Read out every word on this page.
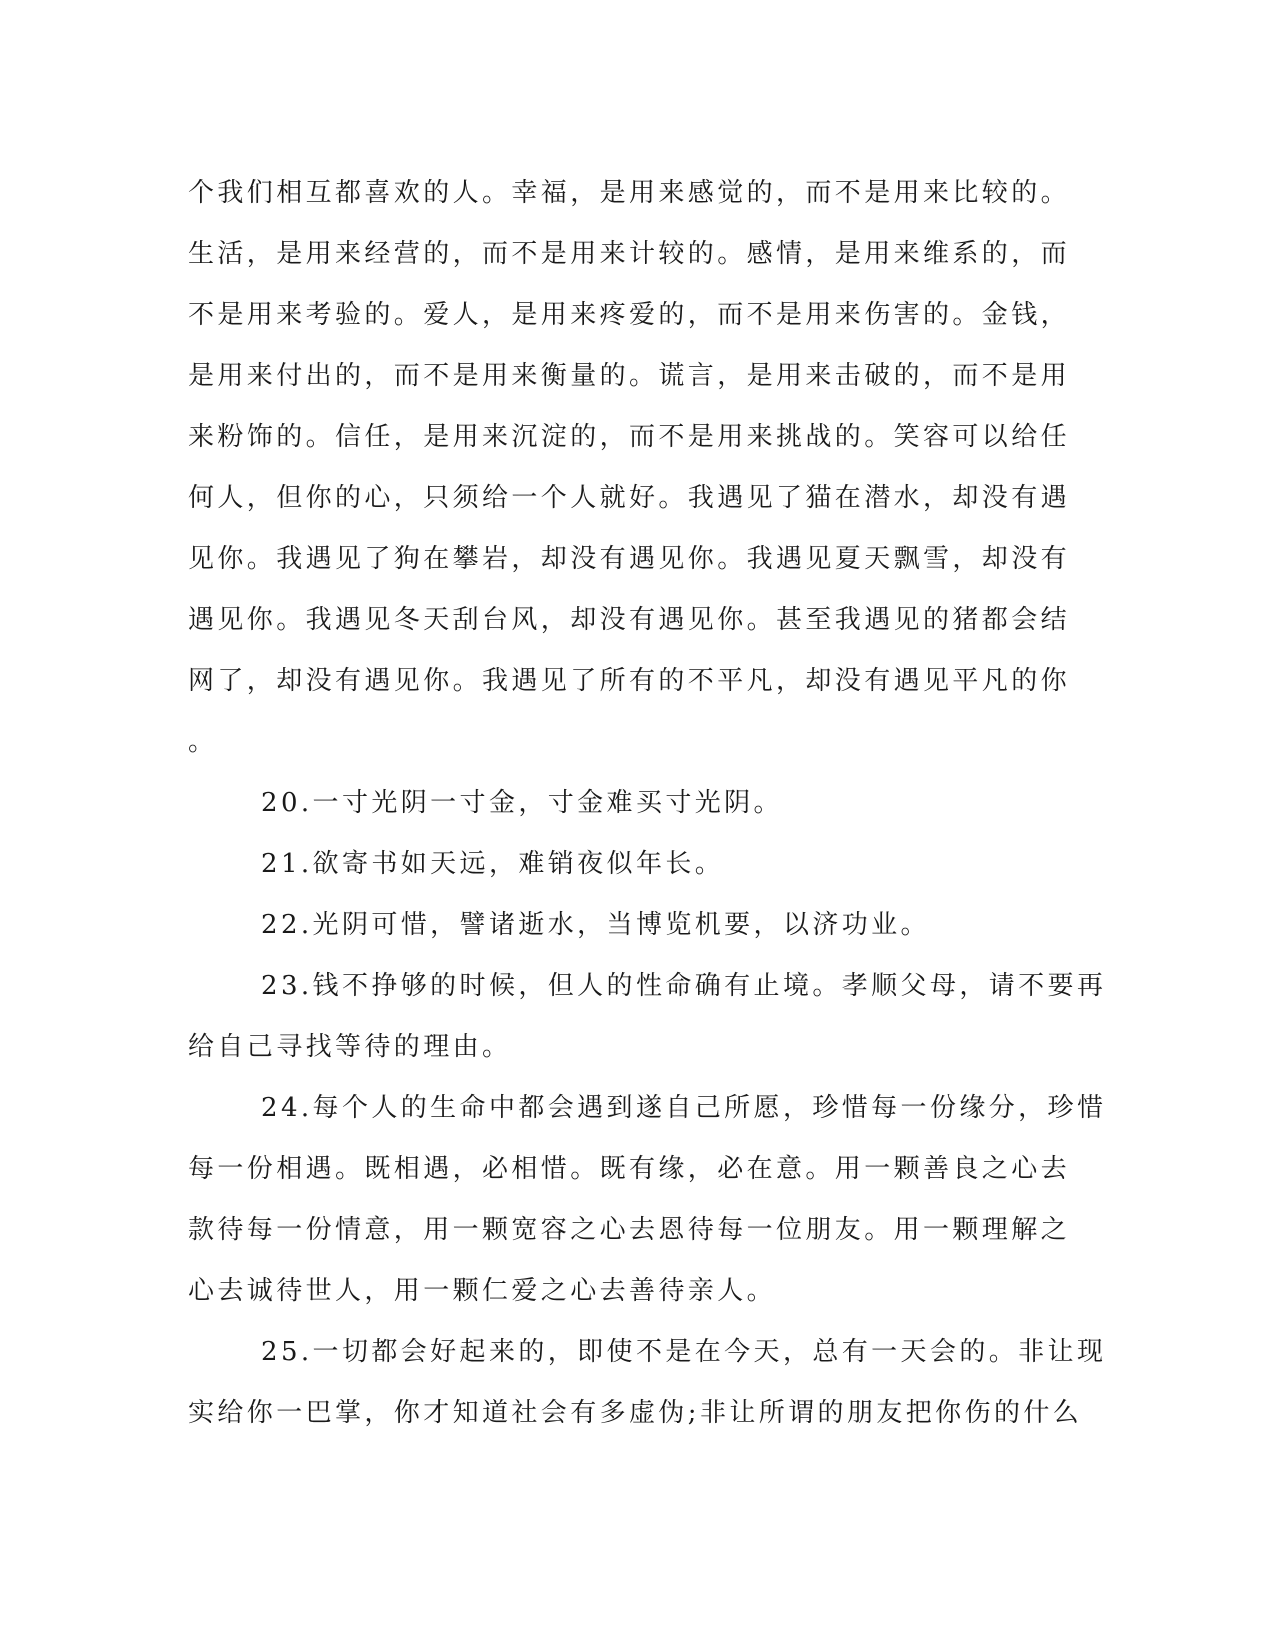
个我们相互都喜欢的人。幸福，是用来感觉的，而不是用来比较的。
生活，是用来经营的，而不是用来计较的。感情，是用来维系的，而
不是用来考验的。爱人，是用来疼爱的，而不是用来伤害的。金钱，
是用来付出的，而不是用来衡量的。谎言，是用来击破的，而不是用
来粉饰的。信任，是用来沉淀的，而不是用来挑战的。笑容可以给任
何人，但你的心，只须给一个人就好。我遇见了猫在潜水，却没有遇
见你。我遇见了狗在攀岩，却没有遇见你。我遇见夏天飘雪，却没有
遇见你。我遇见冬天刮台风，却没有遇见你。甚至我遇见的猪都会结
网了，却没有遇见你。我遇见了所有的不平凡，却没有遇见平凡的你
。
20.一寸光阴一寸金，寸金难买寸光阴。
21.欲寄书如天远，难销夜似年长。
22.光阴可惜，譬诸逝水，当博览机要，以济功业。
23.钱不挣够的时候，但人的性命确有止境。孝顺父母，请不要再
给自己寻找等待的理由。
24.每个人的生命中都会遇到遂自己所愿，珍惜每一份缘分，珍惜
每一份相遇。既相遇，必相惜。既有缘，必在意。用一颗善良之心去
款待每一份情意，用一颗宽容之心去恩待每一位朋友。用一颗理解之
心去诚待世人，用一颗仁爱之心去善待亲人。
25.一切都会好起来的，即使不是在今天，总有一天会的。非让现
实给你一巴掌，你才知道社会有多虚伪;非让所谓的朋友把你伤的什么
